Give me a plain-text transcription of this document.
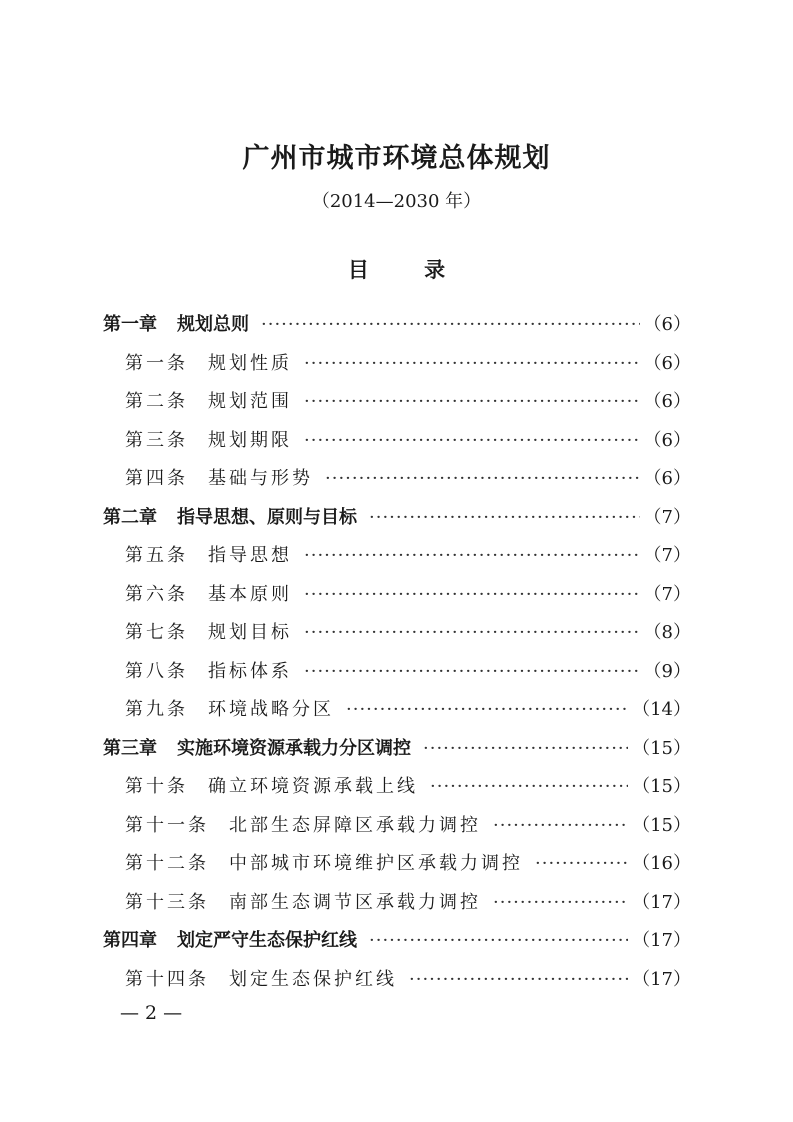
广州市城市环境总体规划
（2014—2030 年）
目 录
第一章 规划总则 ·····	（6）
第一条 规划性质 ·····	（6）
第二条 规划范围 ·····	（6）
第三条 规划期限 ·····	（6）
第四条 基础与形势 ·····	（6）
第二章 指导思想、原则与目标 ·····	（7）
第五条 指导思想 ·····	（7）
第六条 基本原则 ·····	（7）
第七条 规划目标 ·····	（8）
第八条 指标体系 ·····	（9）
第九条 环境战略分区 ·····	（14）
第三章 实施环境资源承载力分区调控 ·····	（15）
第十条 确立环境资源承载上线 ·····	（15）
第十一条 北部生态屏障区承载力调控 ·····	（15）
第十二条 中部城市环境维护区承载力调控 ·····	（16）
第十三条 南部生态调节区承载力调控 ·····	（17）
第四章 划定严守生态保护红线 ·····	（17）
第十四条 划定生态保护红线 ·····	（17）
— 2 —
